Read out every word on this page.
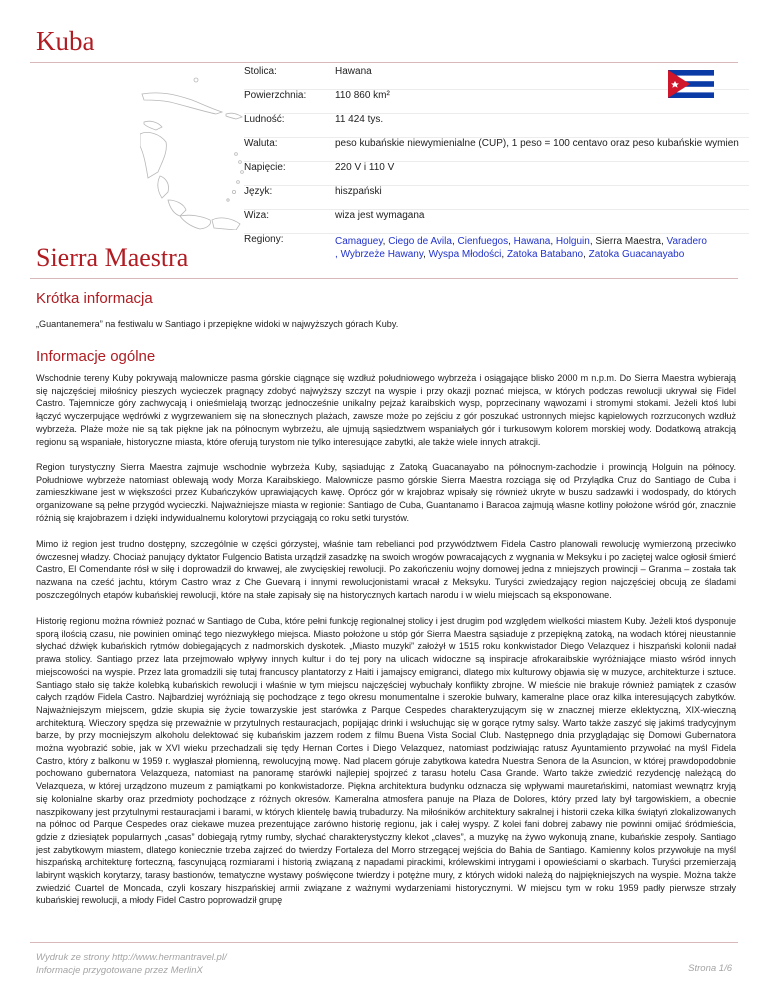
Kuba
Stolica:	Hawana
Powierzchnia:	110 860 km²
Ludność:	11 424 tys.
Waluta:	peso kubańskie niewymienialne (CUP), 1 peso = 100 centavo oraz peso kubańskie wymien
Napięcie:	220 V i 110 V
Język:	hiszpański
Wiza:	wiza jest wymagana
Regiony:	Camaguey, Ciego de Avila, Cienfuegos, Hawana, Holguin, Sierra Maestra, Varadero
, Wybrzeże Hawany, Wyspa Młodości, Zatoka Batabano, Zatoka Guacanayabo
Sierra Maestra
Krótka informacja

„Guantanemera” na festiwalu w Santiago i przepiękne widoki w najwyższych górach Kuby.

Informacje ogólne

Wschodnie tereny Kuby pokrywają malownicze pasma górskie ciągnące się wzdłuż południowego wybrzeża i osiągające blisko 2000 m n.p.m. Do Sierra Maestra wybierają się najczęściej miłośnicy pieszych wycieczek pragnący zdobyć najwyższy szczyt na wyspie i przy okazji poznać miejsca, w których podczas rewolucji ukrywał się Fidel Castro. Tajemnicze góry zachwycają i onieśmielają tworząc jednocześnie unikalny pejzaż karaibskich wysp, poprzecinany wąwozami i stromymi stokami. Jeżeli ktoś lubi łączyć wyczerpujące wędrówki z wygrzewaniem się na słonecznych plażach, zawsze może po zejściu z gór poszukać ustronnych miejsc kąpielowych rozrzuconych wzdłuż wybrzeża. Plaże może nie są tak piękne jak na północnym wybrzeżu, ale ujmują sąsiedztwem wspaniałych gór i turkusowym kolorem morskiej wody. Dodatkową atrakcją regionu są wspaniałe, historyczne miasta, które oferują turystom nie tylko interesujące zabytki, ale także wiele innych atrakcji.

Region turystyczny Sierra Maestra zajmuje wschodnie wybrzeża Kuby, sąsiadując z Zatoką Guacanayabo na północnym-zachodzie i prowincją Holguin na północy. Południowe wybrzeże natomiast oblewają wody Morza Karaibskiego. Malownicze pasmo górskie Sierra Maestra rozciąga się od Przylądka Cruz do Santiago de Cuba i zamieszkiwane jest w większości przez Kubańczyków uprawiających kawę. Oprócz gór w krajobraz wpisały się również ukryte w buszu sadzawki i wodospady, do których organizowane są pełne przygód wycieczki. Najważniejsze miasta w regionie: Santiago de Cuba, Guantanamo i Baracoa zajmują własne kotliny położone wśród gór, znacznie różnią się krajobrazem i dzięki indywidualnemu kolorytowi przyciągają co roku setki turystów.

Mimo iż region jest trudno dostępny, szczególnie w części górzystej, właśnie tam rebelianci pod przywództwem Fidela Castro planowali rewolucję wymierzoną przeciwko ówczesnej władzy. Chociaż panujący dyktator Fulgencio Batista urządził zasadzkę na swoich wrogów powracających z wygnania w Meksyku i po zaciętej walce ogłosił śmierć Castro, El Comendante rósł w siłę i doprowadził do krwawej, ale zwycięskiej rewolucji. Po zakończeniu wojny domowej jedna z mniejszych prowincji – Granma – została tak nazwana na cześć jachtu, którym Castro wraz z Che Guevarą i innymi rewolucjonistami wracał z Meksyku. Turyści zwiedzający region najczęściej obcują ze śladami poszczególnych etapów kubańskiej rewolucji, które na stałe zapisały się na historycznych kartach narodu i w wielu miejscach są eksponowane.

Historię regionu można również poznać w Santiago de Cuba, które pełni funkcję regionalnej stolicy i jest drugim pod względem wielkości miastem Kuby. Jeżeli ktoś dysponuje sporą ilością czasu, nie powinien ominąć tego niezwykłego miejsca. Miasto położone u stóp gór Sierra Maestra sąsiaduje z przepiękną zatoką, na wodach której nieustannie słychać dźwięk kubańskich rytmów dobiegających z nadmorskich dyskotek. „Miasto muzyki” założył w 1515 roku konkwistador Diego Velazquez i hiszpański kolonii nadał prawa stolicy. Santiago przez lata przejmowało wpływy innych kultur i do tej pory na ulicach widoczne są inspiracje afrokaraibskie wyróżniające miasto wśród innych miejscowości na wyspie. Przez lata gromadzili się tutaj francuscy plantatorzy z Haiti i jamajscy emigranci, dlatego mix kulturowy objawia się w muzyce, architekturze i sztuce. Santiago stało się także kolebką kubańskich rewolucji i właśnie w tym miejscu najczęściej wybuchały konflikty zbrojne. W mieście nie brakuje również pamiątek z czasów całych rządów Fidela Castro. Najbardziej wyróżniają się pochodzące z tego okresu monumentalne i szerokie bulwary, kameralne place oraz kilka interesujących zabytków. Najważniejszym miejscem, gdzie skupia się życie towarzyskie jest starówka z Parque Cespedes charakteryzującym się w znacznej mierze eklektyczną, XIX-wieczną architekturą. Wieczory spędza się przeważnie w przytulnych restauracjach, popijając drinki i wsłuchując się w gorące rytmy salsy. Warto także zaszyć się jakimś tradycyjnym barze, by przy mocniejszym alkoholu delektować się kubańskim jazzem rodem z filmu Buena Vista Social Club. Następnego dnia przyglądając się Domowi Gubernatora można wyobrazić sobie, jak w XVI wieku przechadzali się tędy Hernan Cortes i Diego Velazquez, natomiast podziwiając ratusz Ayuntamiento przywołać na myśl Fidela Castro, który z balkonu w 1959 r. wygłaszał płomienną, rewolucyjną mowę. Nad placem góruje zabytkowa katedra Nuestra Senora de la Asuncion, w której prawdopodobnie pochowano gubernatora Velazqueza, natomiast na panoramę starówki najlepiej spojrzeć z tarasu hotelu Casa Grande. Warto także zwiedzić rezydencję należącą do Velazqueza, w której urządzono muzeum z pamiątkami po konkwistadorze. Piękna architektura budynku odznacza się wpływami mauretańskimi, natomiast wewnątrz kryją się kolonialne skarby oraz przedmioty pochodzące z różnych okresów. Kameralna atmosfera panuje na Plaza de Dolores, który przed laty był targowiskiem, a obecnie naszpikowany jest przytulnymi restauracjami i barami, w których klientelę bawią trubadurzy. Na miłośników architektury sakralnej i historii czeka kilka świątyń zlokalizowanych na północ od Parque Cespedes oraz ciekawe muzea prezentujące zarówno historię regionu, jak i całej wyspy. Z kolei fani dobrej zabawy nie powinni omijać śródmieścia, gdzie z dziesiątek popularnych „casas” dobiegają rytmy rumby, słychać charakterystyczny klekot „claves”, a muzykę na żywo wykonują znane, kubańskie zespoły. Santiago jest zabytkowym miastem, dlatego koniecznie trzeba zajrzeć do twierdzy Fortaleza del Morro strzegącej wejścia do Bahia de Santiago. Kamienny kolos przywołuje na myśl hiszpańską architekturę forteczną, fascynującą rozmiarami i historią związaną z napadami pirackimi, królewskimi intrygami i opowieściami o skarbach. Turyści przemierzają labirynt wąskich korytarzy, tarasy bastionów, tematyczne wystawy poświęcone twierdzy i potężne mury, z których widoki należą do najpiękniejszych na wyspie. Można także zwiedzić Cuartel de Moncada, czyli koszary hiszpańskiej armii związane z ważnymi wydarzeniami historycznymi. W miejscu tym w roku 1959 padły pierwsze strzały kubańskiej rewolucji, a młody Fidel Castro poprowadził grupę

Wydruk ze strony http://www.hermantravel.pl/
Informacje przygotowane przez MerlinX	Strona 1/6
